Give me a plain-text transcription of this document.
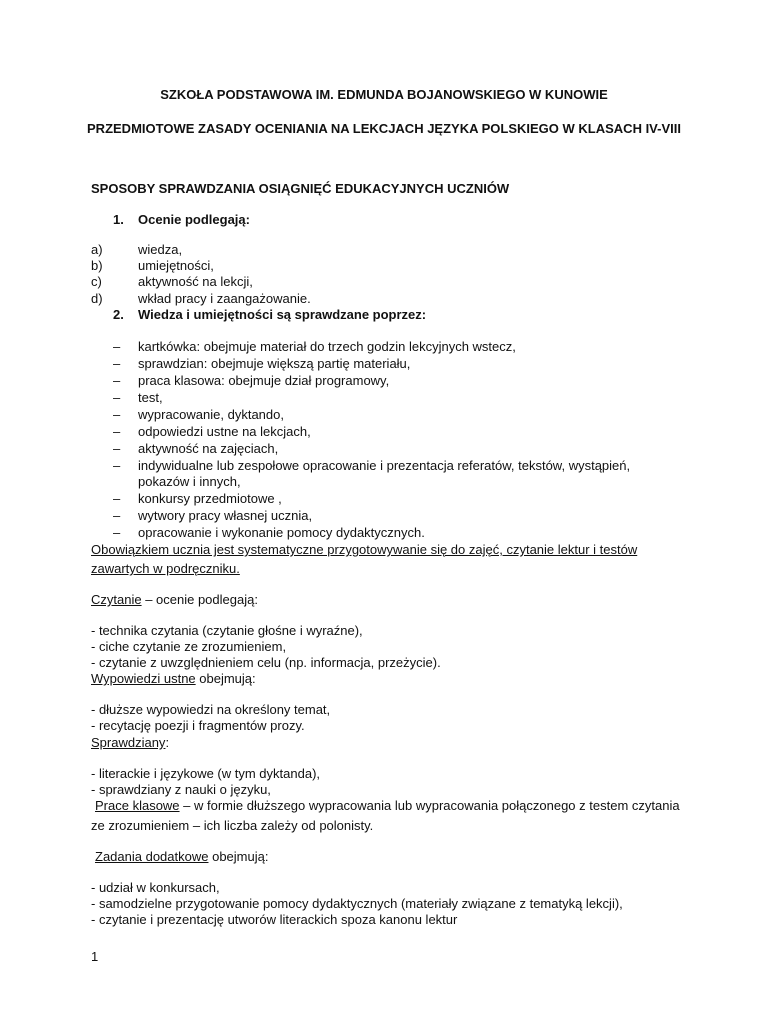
SZKOŁA PODSTAWOWA IM. EDMUNDA BOJANOWSKIEGO W KUNOWIE
PRZEDMIOTOWE ZASADY OCENIANIA NA LEKCJACH JĘZYKA POLSKIEGO W KLASACH IV-VIII
SPOSOBY SPRAWDZANIA OSIĄGNIĘĆ EDUKACYJNYCH UCZNIÓW
1.	Ocenie podlegają:
a)	wiedza,
b)	umiejętności,
c)	aktywność na lekcji,
d)	wkład pracy i zaangażowanie.
2. Wiedza i umiejętności są sprawdzane poprzez:
– kartkówka: obejmuje materiał do trzech godzin lekcyjnych wstecz,
– sprawdzian: obejmuje większą partię materiału,
– praca klasowa: obejmuje dział programowy,
– test,
– wypracowanie, dyktando,
– odpowiedzi ustne na lekcjach,
– aktywność na zajęciach,
– indywidualne lub zespołowe opracowanie i prezentacja referatów, tekstów, wystąpień,
pokazów i innych,
– konkursy przedmiotowe ,
– wytwory pracy własnej ucznia,
– opracowanie i wykonanie pomocy dydaktycznych.
Obowiązkiem ucznia jest systematyczne przygotowywanie się do zajęć, czytanie lektur i testów
zawartych w podręczniku.
Czytanie – ocenie podlegają:
- technika czytania (czytanie głośne i wyraźne),
- ciche czytanie ze zrozumieniem,
- czytanie z uwzględnieniem celu (np. informacja, przeżycie).
Wypowiedzi ustne obejmują:
- dłuższe wypowiedzi na określony temat,
- recytację poezji i fragmentów prozy.
Sprawdziany:
- literackie i językowe (w tym dyktanda),
- sprawdziany z nauki o języku,
Prace klasowe – w formie dłuższego wypracowania lub wypracowania połączonego z testem czytania
ze zrozumieniem – ich liczba zależy od polonisty.
Zadania dodatkowe obejmują:
- udział w konkursach,
- samodzielne przygotowanie pomocy dydaktycznych (materiały związane z tematyką lekcji),
- czytanie i prezentację utworów literackich spoza kanonu lektur
1
